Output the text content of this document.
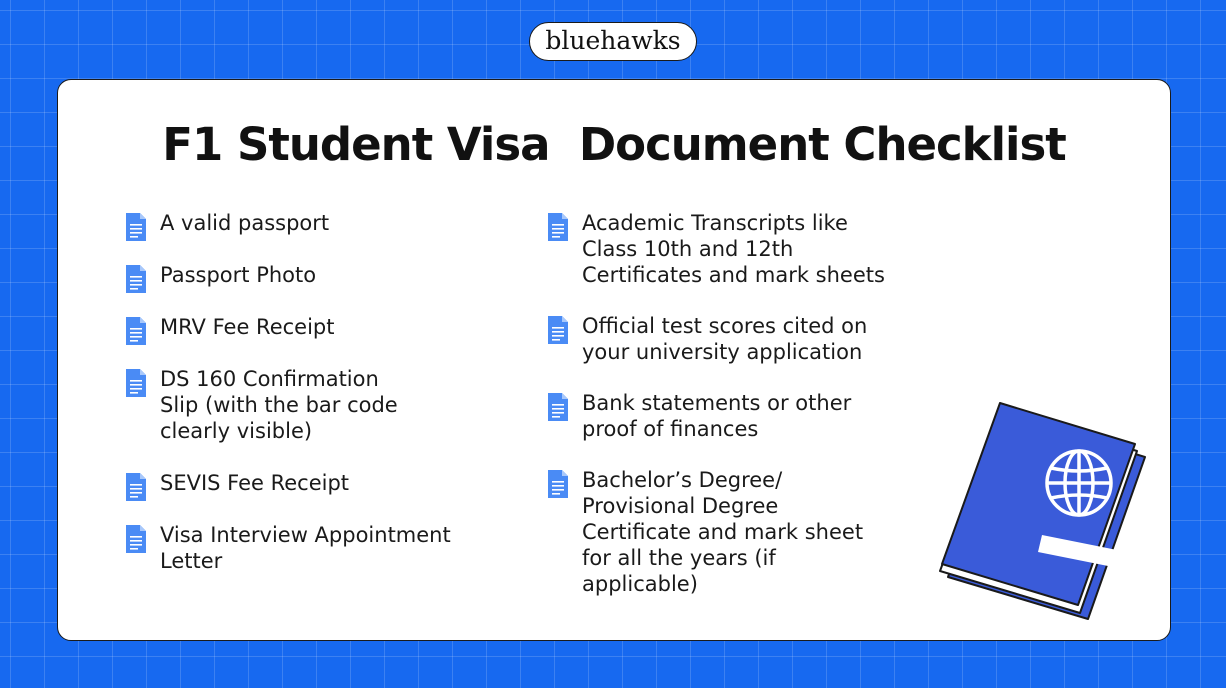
bluehawks
F1 Student Visa  Document Checklist
A valid passport
Passport Photo
MRV Fee Receipt
DS 160 Confirmation
Slip (with the bar code
clearly visible)
SEVIS Fee Receipt
Visa Interview Appointment
Letter
Academic Transcripts like
Class 10th and 12th
Certificates and mark sheets
Official test scores cited on
your university application
Bank statements or other
proof of finances
Bachelor’s Degree/
Provisional Degree
Certificate and mark sheet
for all the years (if
applicable)
